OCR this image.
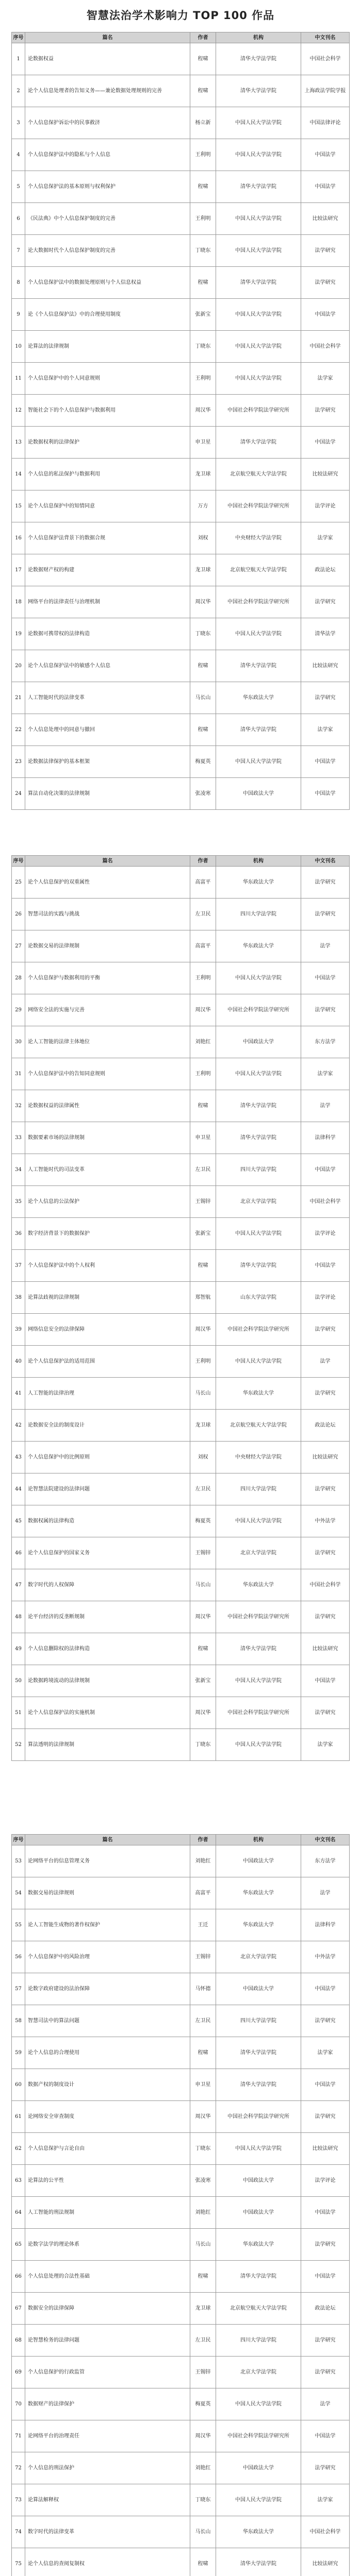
智慧法治学术影响力 TOP 100 作品
序号	篇名	作者	机构	中文刊名
1	论数据权益	程啸	清华大学法学院	中国社会科学
2	论个人信息处理者的告知义务——兼论数据处理规则的完善	程啸	清华大学法学院	上海政法学院学报
3	个人信息保护诉讼中的民事救济	杨立新	中国人民大学法学院	中国法律评论
4	个人信息保护法中的隐私与个人信息	王利明	中国人民大学法学院	中国法学
5	个人信息保护法的基本原则与权利保护	程啸	清华大学法学院	中国法学
6	《民法典》中个人信息保护制度的完善	王利明	中国人民大学法学院	比较法研究
7	论大数据时代个人信息保护制度的完善	丁晓东	中国人民大学法学院	法学研究
8	个人信息保护法中的数据处理原则与个人信息权益	程啸	清华大学法学院	法学研究
9	论《个人信息保护法》中的合理使用制度	张新宝	中国人民大学法学院	中国法学
10	论算法的法律规制	丁晓东	中国人民大学法学院	中国社会科学
11	个人信息保护中的个人同意规则	王利明	中国人民大学法学院	法学家
12	智能社会下的个人信息保护与数据利用	周汉华	中国社会科学院法学研究所	法学研究
13	论数据权利的法律保护	申卫星	清华大学法学院	中国法学
14	个人信息的私法保护与数据利用	龙卫球	北京航空航天大学法学院	比较法研究
15	论个人信息保护中的知情同意	万方	中国社会科学院法学研究所	法学评论
16	个人信息保护法背景下的数据合规	刘权	中央财经大学法学院	法学家
17	论数据财产权的构建	龙卫球	北京航空航天大学法学院	政法论坛
18	网络平台的法律责任与治理机制	周汉华	中国社会科学院法学研究所	法学研究
19	论数据可携带权的法律构造	丁晓东	中国人民大学法学院	清华法学
20	论个人信息保护法中的敏感个人信息	程啸	清华大学法学院	比较法研究
21	人工智能时代的法律变革	马长山	华东政法大学	法学研究
22	个人信息处理中的同意与撤回	程啸	清华大学法学院	法学家
23	论数据法律保护的基本框架	梅夏英	中国人民大学法学院	中国法学
24	算法自动化决策的法律规制	张凌寒	中国政法大学	中国法学
序号	篇名	作者	机构	中文刊名
25	论个人信息保护的双重属性	高富平	华东政法大学	法学研究
26	智慧司法的实践与挑战	左卫民	四川大学法学院	法学研究
27	论数据交易的法律规制	高富平	华东政法大学	法学
28	个人信息保护与数据利用的平衡	王利明	中国人民大学法学院	中国法学
29	网络安全法的实施与完善	周汉华	中国社会科学院法学研究所	法学研究
30	论人工智能的法律主体地位	刘艳红	中国政法大学	东方法学
31	个人信息保护法中的告知同意规则	王利明	中国人民大学法学院	法学家
32	论数据权益的法律属性	程啸	清华大学法学院	法学
33	数据要素市场的法律规制	申卫星	清华大学法学院	法律科学
34	人工智能时代的司法变革	左卫民	四川大学法学院	中国法学
35	论个人信息的公法保护	王锡锌	北京大学法学院	中国社会科学
36	数字经济背景下的数据保护	张新宝	中国人民大学法学院	法学评论
37	个人信息保护法中的个人权利	程啸	清华大学法学院	中国法学
38	论算法歧视的法律规制	郑智航	山东大学法学院	法学评论
39	网络信息安全的法律保障	周汉华	中国社会科学院法学研究所	法学研究
40	论个人信息保护法的适用范围	王利明	中国人民大学法学院	法学
41	人工智能的法律治理	马长山	华东政法大学	法学研究
42	论数据安全法的制度设计	龙卫球	北京航空航天大学法学院	政法论坛
43	个人信息保护中的比例原则	刘权	中央财经大学法学院	比较法研究
44	论智慧法院建设的法律问题	左卫民	四川大学法学院	法学研究
45	数据权属的法律构造	梅夏英	中国人民大学法学院	中外法学
46	论个人信息保护的国家义务	王锡锌	北京大学法学院	法学研究
47	数字时代的人权保障	马长山	华东政法大学	中国社会科学
48	论平台经济的反垄断规制	周汉华	中国社会科学院法学研究所	法学研究
49	个人信息删除权的法律构造	程啸	清华大学法学院	比较法研究
50	论数据跨境流动的法律规制	张新宝	中国人民大学法学院	中国法学
51	论个人信息保护法的实施机制	周汉华	中国社会科学院法学研究所	法学研究
52	算法透明的法律规制	丁晓东	中国人民大学法学院	法学家
序号	篇名	作者	机构	中文刊名
53	论网络平台的信息管理义务	刘艳红	中国政法大学	东方法学
54	数据交易的法律规则	高富平	华东政法大学	法学
55	论人工智能生成物的著作权保护	王迁	华东政法大学	法律科学
56	个人信息保护中的风险治理	王锡锌	北京大学法学院	中外法学
57	论数字政府建设的法治保障	马怀德	中国政法大学	中国法学
58	智慧司法中的算法问题	左卫民	四川大学法学院	法学研究
59	论个人信息的合理使用	程啸	清华大学法学院	法学家
60	数据产权的制度设计	申卫星	清华大学法学院	中国法学
61	论网络安全审查制度	周汉华	中国社会科学院法学研究所	法学研究
62	个人信息保护与言论自由	丁晓东	中国人民大学法学院	比较法研究
63	论算法的公平性	张凌寒	中国政法大学	法学评论
64	人工智能的刑法规制	刘艳红	中国政法大学	中国法学
65	论数字法学的理论体系	马长山	华东政法大学	法学研究
66	个人信息处理的合法性基础	程啸	清华大学法学院	中国法学
67	数据安全的法律保障	龙卫球	北京航空航天大学法学院	政法论坛
68	论智慧检务的法律问题	左卫民	四川大学法学院	法学研究
69	个人信息保护的行政监管	王锡锌	北京大学法学院	法学研究
70	数据财产的法律保护	梅夏英	中国人民大学法学院	法学
71	论网络平台的治理责任	周汉华	中国社会科学院法学研究所	中国法学
72	个人信息的刑法保护	刘艳红	中国政法大学	法学研究
73	论算法解释权	丁晓东	中国人民大学法学院	法学家
74	数字时代的法律变革	马长山	华东政法大学	中国社会科学
75	论个人信息的查阅复制权	程啸	清华大学法学院	比较法研究
